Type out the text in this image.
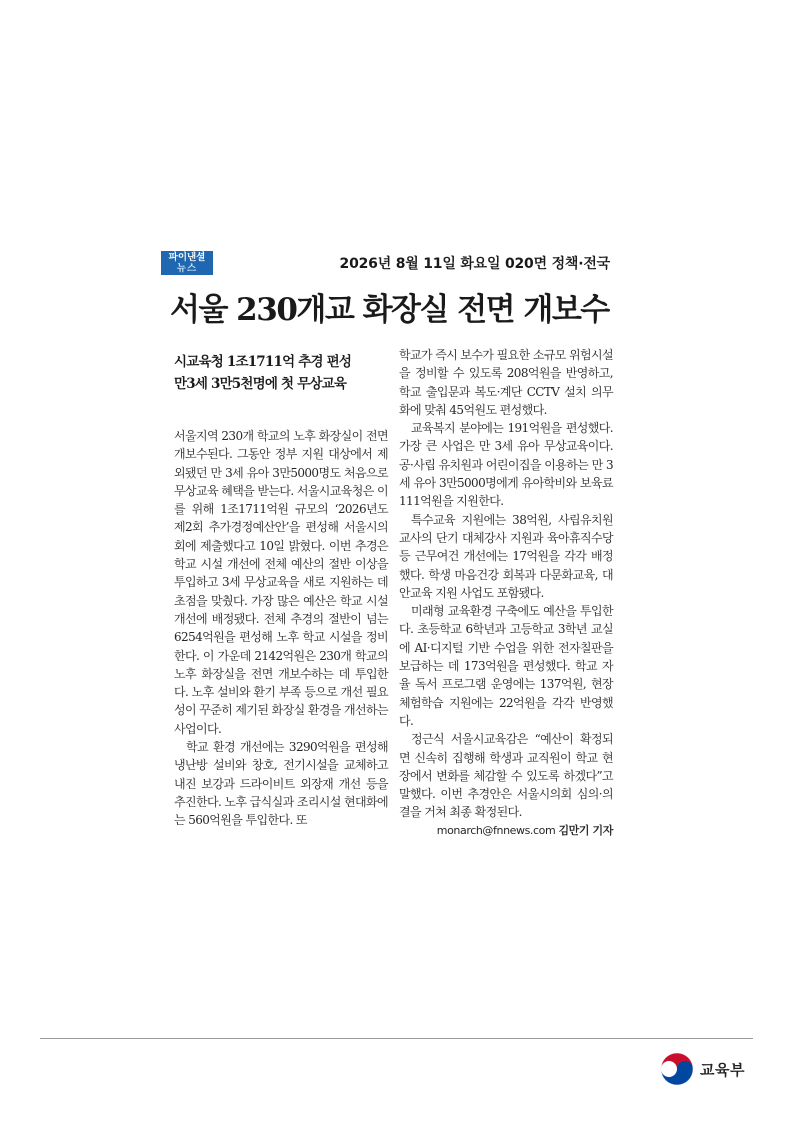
파이낸셜
뉴스	2026년 8월 11일 화요일 020면 정책·전국
서울 230개교 화장실 전면 개보수
시교육청 1조1711억 추경 편성
만3세 3만5천명에 첫 무상교육

서울지역 230개 학교의 노후 화장실이 전면 개보수된다. 그동안 정부 지원 대상에서 제외됐던 만 3세 유아 3만5000명도 처음으로 무상교육 혜택을 받는다. 서울시교육청은 이를 위해 1조1711억원 규모의 ‘2026년도 제2회 추가경정예산안’을 편성해 서울시의회에 제출했다고 10일 밝혔다. 이번 추경은 학교 시설 개선에 전체 예산의 절반 이상을 투입하고 3세 무상교육을 새로 지원하는 데 초점을 맞췄다. 가장 많은 예산은 학교 시설 개선에 배정됐다. 전체 추경의 절반이 넘는 6254억원을 편성해 노후 학교 시설을 정비한다. 이 가운데 2142억원은 230개 학교의 노후 화장실을 전면 개보수하는 데 투입한다. 노후 설비와 환기 부족 등으로 개선 필요성이 꾸준히 제기된 화장실 환경을 개선하는 사업이다.

학교 환경 개선에는 3290억원을 편성해 냉난방 설비와 창호, 전기시설을 교체하고 내진 보강과 드라이비트 외장재 개선 등을 추진한다. 노후 급식실과 조리시설 현대화에는 560억원을 투입한다. 또

학교가 즉시 보수가 필요한 소규모 위험시설을 정비할 수 있도록 208억원을 반영하고, 학교 출입문과 복도·계단 CCTV 설치 의무화에 맞춰 45억원도 편성했다.

교육복지 분야에는 191억원을 편성했다. 가장 큰 사업은 만 3세 유아 무상교육이다. 공·사립 유치원과 어린이집을 이용하는 만 3세 유아 3만5000명에게 유아학비와 보육료 111억원을 지원한다.

특수교육 지원에는 38억원, 사립유치원 교사의 단기 대체강사 지원과 육아휴직수당 등 근무여건 개선에는 17억원을 각각 배정했다. 학생 마음건강 회복과 다문화교육, 대안교육 지원 사업도 포함됐다.

미래형 교육환경 구축에도 예산을 투입한다. 초등학교 6학년과 고등학교 3학년 교실에 AI·디지털 기반 수업을 위한 전자칠판을 보급하는 데 173억원을 편성했다. 학교 자율 독서 프로그램 운영에는 137억원, 현장체험학습 지원에는 22억원을 각각 반영했다.

정근식 서울시교육감은 “예산이 확정되면 신속히 집행해 학생과 교직원이 학교 현장에서 변화를 체감할 수 있도록 하겠다”고 말했다. 이번 추경안은 서울시의회 심의·의결을 거쳐 최종 확정된다.

monarch@fnnews.com 김만기 기자
교육부
